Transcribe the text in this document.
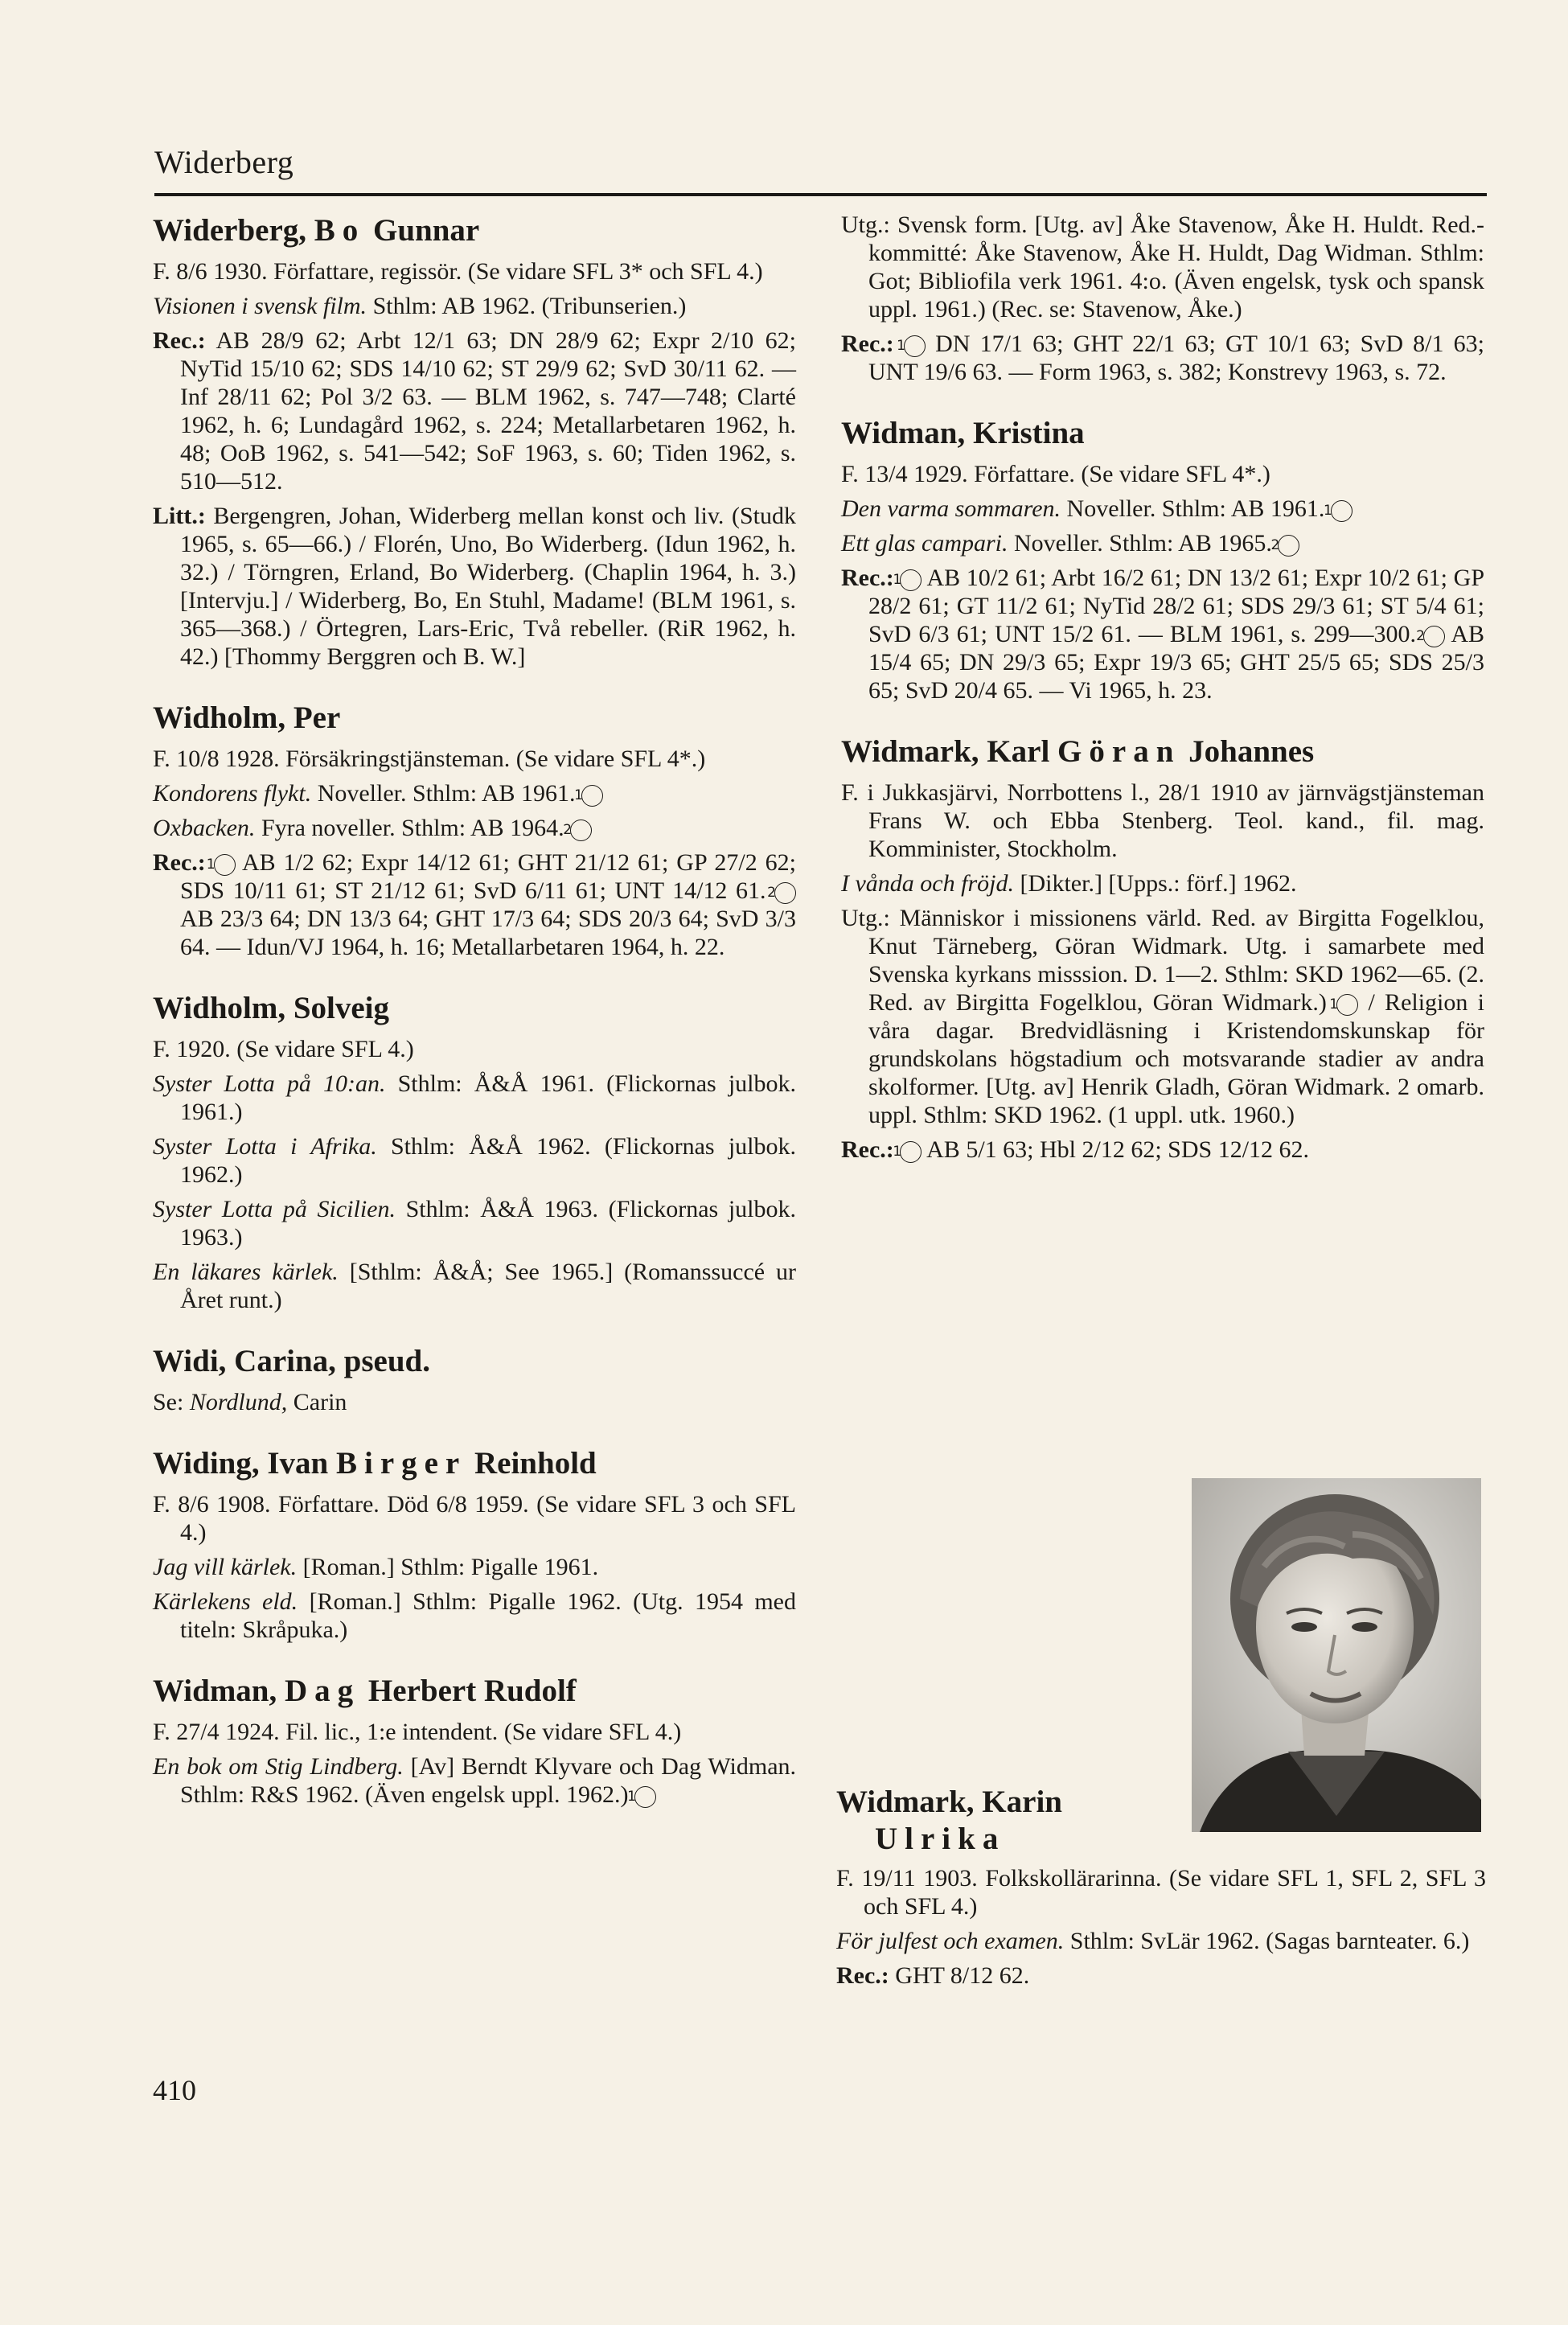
Widerberg
Widerberg, Bo Gunnar

F. 8/6 1930. Författare, regissör. (Se vidare SFL 3* och SFL 4.)

Visionen i svensk film. Sthlm: AB 1962. (Tribunserien.)

Rec.: AB 28/9 62; Arbt 12/1 63; DN 28/9 62; Expr 2/10 62; NyTid 15/10 62; SDS 14/10 62; ST 29/9 62; SvD 30/11 62. — Inf 28/11 62; Pol 3/2 63. — BLM 1962, s. 747—748; Clarté 1962, h. 6; Lundagård 1962, s. 224; Metallarbetaren 1962, h. 48; OoB 1962, s. 541—542; SoF 1963, s. 60; Tiden 1962, s. 510—512.

Litt.: Bergengren, Johan, Widerberg mellan konst och liv. (Studk 1965, s. 65—66.) / Florén, Uno, Bo Widerberg. (Idun 1962, h. 32.) / Törngren, Erland, Bo Widerberg. (Chaplin 1964, h. 3.) [Intervju.] / Widerberg, Bo, En Stuhl, Madame! (BLM 1961, s. 365—368.) / Örtegren, Lars-Eric, Två rebeller. (RiR 1962, h. 42.) [Thommy Berggren och B. W.]

Widholm, Per

F. 10/8 1928. Försäkringstjänsteman. (Se vidare SFL 4*.)

Kondorens flykt. Noveller. Sthlm: AB 1961. 1

Oxbacken. Fyra noveller. Sthlm: AB 1964. 2

Rec.: 1 AB 1/2 62; Expr 14/12 61; GHT 21/12 61; GP 27/2 62; SDS 10/11 61; ST 21/12 61; SvD 6/11 61; UNT 14/12 61. 2 AB 23/3 64; DN 13/3 64; GHT 17/3 64; SDS 20/3 64; SvD 3/3 64. — Idun/VJ 1964, h. 16; Metallarbetaren 1964, h. 22.

Widholm, Solveig

F. 1920. (Se vidare SFL 4.)

Syster Lotta på 10:an. Sthlm: Å&Å 1961. (Flickornas julbok. 1961.)

Syster Lotta i Afrika. Sthlm: Å&Å 1962. (Flickornas julbok. 1962.)

Syster Lotta på Sicilien. Sthlm: Å&Å 1963. (Flickornas julbok. 1963.)

En läkares kärlek. [Sthlm: Å&Å; See 1965.] (Romanssuccé ur Året runt.)

Widi, Carina, pseud.

Se: Nordlund, Carin

Widing, Ivan Birger Reinhold

F. 8/6 1908. Författare. Död 6/8 1959. (Se vidare SFL 3 och SFL 4.)

Jag vill kärlek. [Roman.] Sthlm: Pigalle 1961.

Kärlekens eld. [Roman.] Sthlm: Pigalle 1962. (Utg. 1954 med titeln: Skråpuka.)

Widman, Dag Herbert Rudolf

F. 27/4 1924. Fil. lic., 1:e intendent. (Se vidare SFL 4.)

En bok om Stig Lindberg. [Av] Berndt Klyvare och Dag Widman. Sthlm: R&S 1962. (Även engelsk uppl. 1962.) 1

Utg.: Svensk form. [Utg. av] Åke Stavenow, Åke H. Huldt. Red.-kommitté: Åke Stavenow, Åke H. Huldt, Dag Widman. Sthlm: Got; Bibliofila verk 1961. 4:o. (Även engelsk, tysk och spansk uppl. 1961.) (Rec. se: Stavenow, Åke.)

Rec.: 1 DN 17/1 63; GHT 22/1 63; GT 10/1 63; SvD 8/1 63; UNT 19/6 63. — Form 1963, s. 382; Konstrevy 1963, s. 72.

Widman, Kristina

F. 13/4 1929. Författare. (Se vidare SFL 4*.)

Den varma sommaren. Noveller. Sthlm: AB 1961. 1

Ett glas campari. Noveller. Sthlm: AB 1965. 2

Rec.: 1 AB 10/2 61; Arbt 16/2 61; DN 13/2 61; Expr 10/2 61; GP 28/2 61; GT 11/2 61; NyTid 28/2 61; SDS 29/3 61; ST 5/4 61; SvD 6/3 61; UNT 15/2 61. — BLM 1961, s. 299—300. 2 AB 15/4 65; DN 29/3 65; Expr 19/3 65; GHT 25/5 65; SDS 25/3 65; SvD 20/4 65. — Vi 1965, h. 23.

Widmark, Karl Göran Johannes

F. i Jukkasjärvi, Norrbottens l., 28/1 1910 av järnvägstjänsteman Frans W. och Ebba Stenberg. Teol. kand., fil. mag. Komminister, Stockholm.

I vånda och fröjd. [Dikter.] [Upps.: förf.] 1962.

Utg.: Människor i missionens värld. Red. av Birgitta Fogelklou, Knut Tärneberg, Göran Widmark. Utg. i samarbete med Svenska kyrkans misssion. D. 1—2. Sthlm: SKD 1962—65. (2. Red. av Birgitta Fogelklou, Göran Widmark.) 1 / Religion i våra dagar. Bredvidläsning i Kristendomskunskap för grundskolans högstadium och motsvarande stadier av andra skolformer. [Utg. av] Henrik Gladh, Göran Widmark. 2 omarb. uppl. Sthlm: SKD 1962. (1 uppl. utk. 1960.)

Rec.: 1 AB 5/1 63; Hbl 2/12 62; SDS 12/12 62.

Widmark, Karin
Ulrika

F. 19/11 1903. Folkskollärarinna. (Se vidare SFL 1, SFL 2, SFL 3 och SFL 4.)

För julfest och examen. Sthlm: SvLär 1962. (Sagas barnteater. 6.)

Rec.: GHT 8/12 62.

410
